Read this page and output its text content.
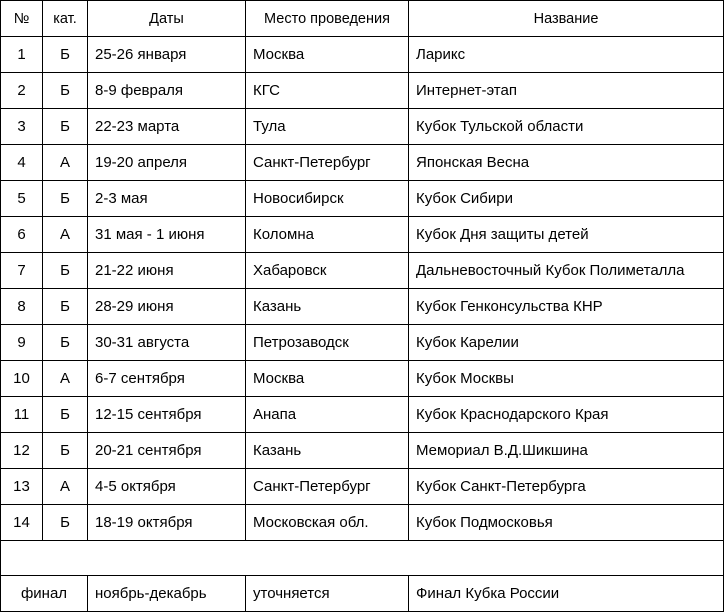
№	кат.	Даты	Место проведения	Название
1	Б	25-26 января	Москва	Ларикс
2	Б	8-9 февраля	КГС	Интернет-этап
3	Б	22-23 марта	Тула	Кубок Тульской области
4	А	19-20 апреля	Санкт-Петербург	Японская Весна
5	Б	2-3 мая	Новосибирск	Кубок Сибири
6	А	31 мая - 1 июня	Коломна	Кубок Дня защиты детей
7	Б	21-22 июня	Хабаровск	Дальневосточный Кубок Полиметалла
8	Б	28-29 июня	Казань	Кубок Генконсульства КНР
9	Б	30-31 августа	Петрозаводск	Кубок Карелии
10	А	6-7 сентября	Москва	Кубок Москвы
11	Б	12-15 сентября	Анапа	Кубок Краснодарского Края
12	Б	20-21 сентября	Казань	Мемориал В.Д.Шикшина
13	А	4-5 октября	Санкт-Петербург	Кубок Санкт-Петербурга
14	Б	18-19 октября	Московская обл.	Кубок Подмосковья

финал		ноябрь-декабрь	уточняется	Финал Кубка России
